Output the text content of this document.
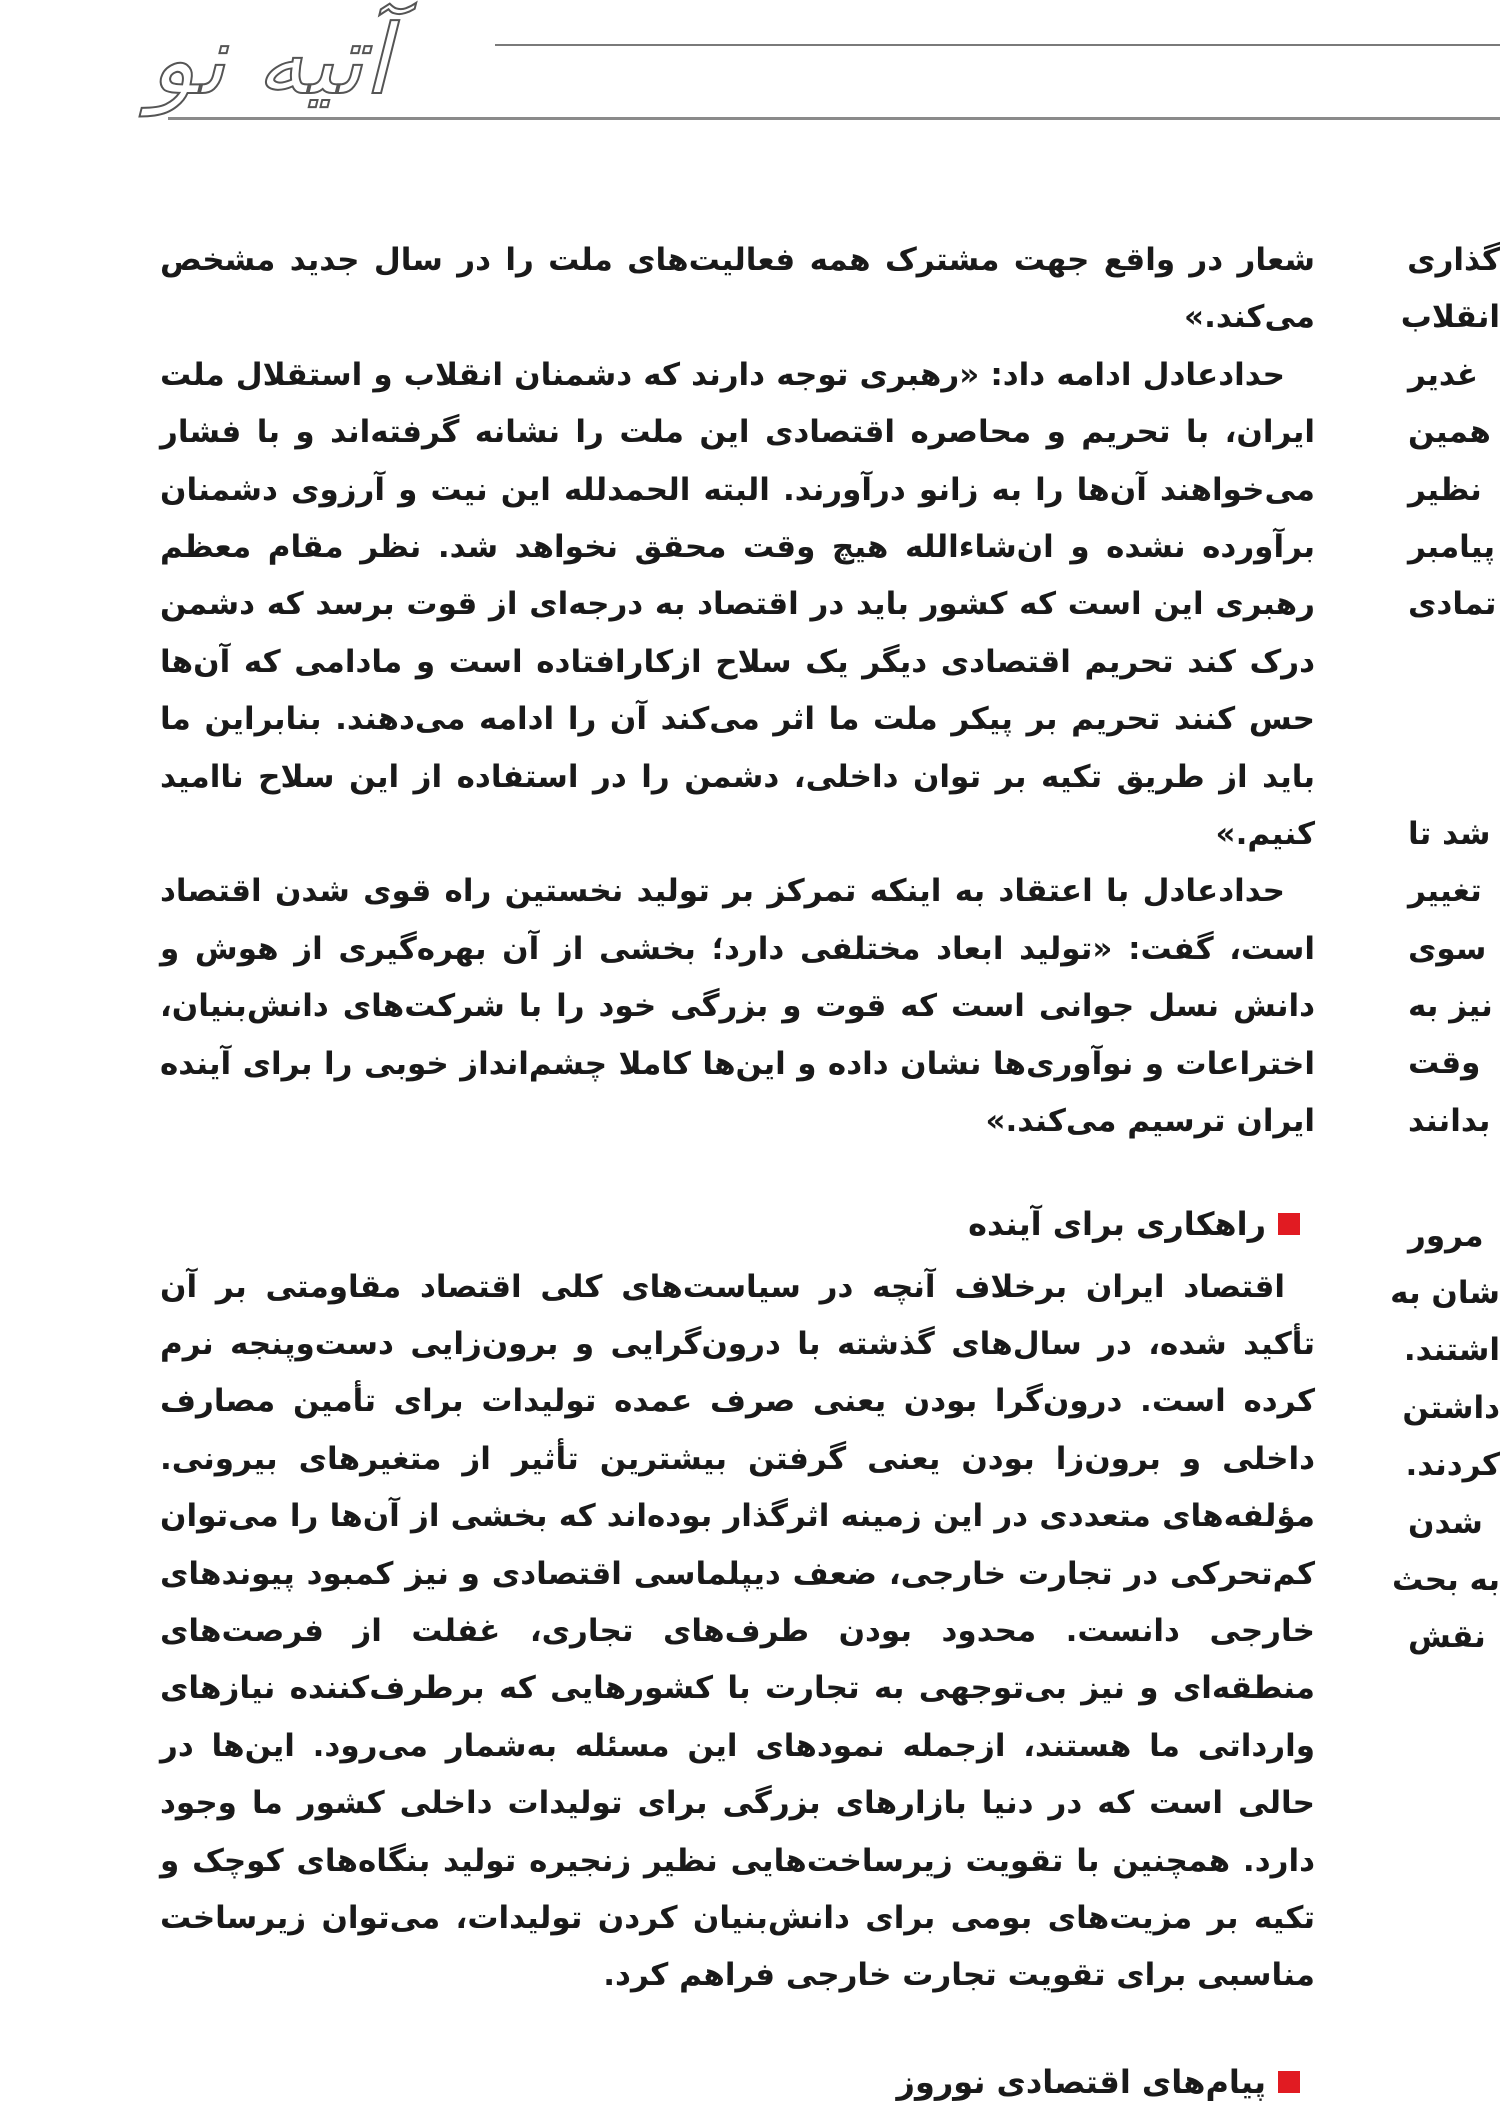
آتیه نو

شعار در واقع جهت مشترک همه فعالیت‌های ملت را در سال جدید مشخص می‌کند.»

حدادعادل ادامه داد: «رهبری توجه دارند که دشمنان انقلاب و استقلال ملت ایران، با تحریم و محاصره اقتصادی این ملت را نشانه گرفته‌اند و با فشار می‌خواهند آن‌ها را به زانو درآورند. البته الحمدلله این نیت و آرزوی دشمنان برآورده نشده و ان‌شاءالله هیچ وقت محقق نخواهد شد. نظر مقام معظم رهبری این است که کشور باید در اقتصاد به درجه‌ای از قوت برسد که دشمن درک کند تحریم اقتصادی دیگر یک سلاح ازکارافتاده است و مادامی که آن‌ها حس کنند تحریم بر پیکر ملت ما اثر می‌کند آن را ادامه می‌دهند. بنابراین ما باید از طریق تکیه بر توان داخلی، دشمن را در استفاده از این سلاح ناامید کنیم.»

حدادعادل با اعتقاد به اینکه تمرکز بر تولید نخستین راه قوی شدن اقتصاد است، گفت: «تولید ابعاد مختلفی دارد؛ بخشی از آن بهره‌گیری از هوش و دانش نسل جوانی است که قوت و بزرگی خود را با شرکت‌های دانش‌بنیان، اختراعات و نوآوری‌ها نشان داده و این‌ها کاملا چشم‌انداز خوبی را برای آینده ایران ترسیم می‌کند.»

راهکاری برای آینده

اقتصاد ایران برخلاف آنچه در سیاست‌های کلی اقتصاد مقاومتی بر آن تأکید شده، در سال‌های گذشته با درون‌گرایی و برون‌زایی دست‌وپنجه نرم کرده است. درون‌گرا بودن یعنی صرف عمده تولیدات برای تأمین مصارف داخلی و برون‌زا بودن یعنی گرفتن بیشترین تأثیر از متغیرهای بیرونی. مؤلفه‌های متعددی در این زمینه اثرگذار بوده‌اند که بخشی از آن‌ها را می‌توان کم‌تحرکی در تجارت خارجی، ضعف دیپلماسی اقتصادی و نیز کمبود پیوندهای خارجی دانست. محدود بودن طرف‌های تجاری، غفلت از فرصت‌های منطقه‌ای و نیز بی‌توجهی به تجارت با کشورهایی که برطرف‌کننده نیازهای وارداتی ما هستند، ازجمله نمودهای این مسئله به‌شمار می‌رود. این‌ها در حالی است که در دنیا بازارهای بزرگی برای تولیدات داخلی کشور ما وجود دارد. همچنین با تقویت زیرساخت‌هایی نظیر زنجیره تولید بنگاه‌های کوچک و تکیه بر مزیت‌های بومی برای دانش‌بنیان کردن تولیدات، می‌توان زیرساخت مناسبی برای تقویت تجارت خارجی فراهم کرد.

پیام‌های اقتصادی نوروز
گذاری
انقلاب
غدیر
همین
نظیر
پیامبر
تمادی
شد تا
تغییر
سوی
نیز به
وقت
بدانند
مرور
شان به
اشتند.
داشتن
کردند.
شدن
به بحث
نقش
